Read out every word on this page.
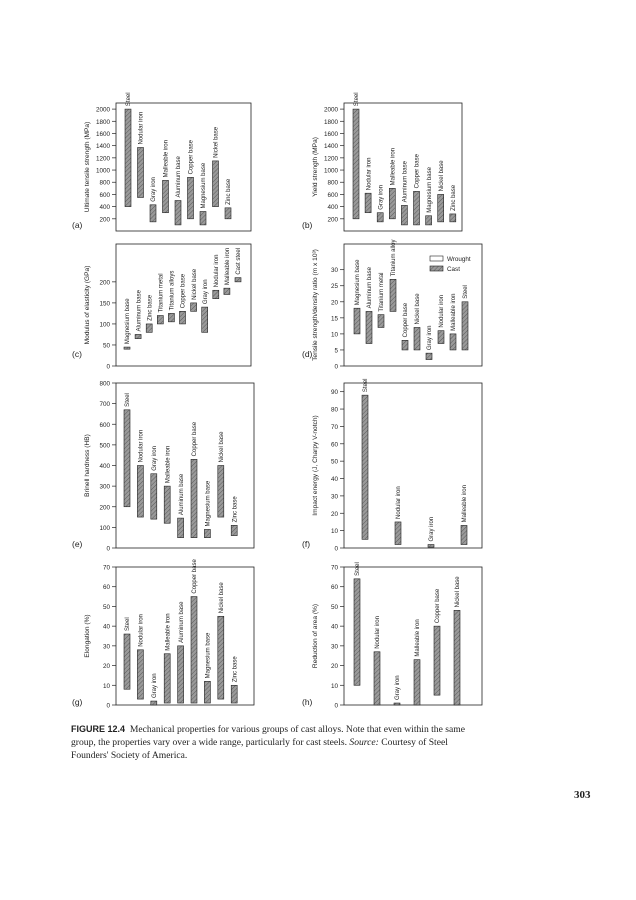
200
400
600
800
1000
1200
1400
1600
1800
2000
Ultimate tensile strength (MPa)
(a)
Steel
Nodular iron
Gray iron
Malleable iron Aluminum base Copper base
Magnesium base
Nickel base
Zinc base
200
400
600
800
1000
1200
1400
1600
1800
2000
Yield strength (MPa)
(b)
Steel
Nodular iron
Gray iron
Malleable iron Aluminum base Copper base Magnesium base Nickel base
Zinc base
0
50
100
150
200
Modulus of elasticity (GPa)
(c)
Magnesium base Aluminum base Zinc base Titanium metal Titanium alloys Copper base Nickel base Gray iron
Nodular iron Malleable iron Cast steel
0
5
10
15
20
25
30
Tensile strength/density ratio (m x 10³)
(d)
Magnesium base Aluminum base Titanium metal
Titanium alloy
Copper base Nickel base
Gray iron
Nodular iron Malleable iron
Steel
Wrought
Cast
0
100
200
300
400
500
600
700
800
Brinell hardness (HB)
(e)
Steel
Nodular iron Gray iron Malleable iron
Aluminum base
Copper base
Magnesium base
Nickel base
Zinc base
0
10
20
30
40
50
60
70
80
90
Impact energy (J, Charpy V-notch)
(f)
Steel
Nodular iron
Gray iron
Malleable iron
0
10
20
30
40
50
60
70
Elongation (%)
(g)
Steel Nodular iron
Gray iron
Malleable iron Aluminum base
Copper base
Magnesium base
Nickel base
Zinc base
0
10
20
30
40
50
60
70
Reduction of area (%)
(h)
Steel
Nodular iron
Gray iron
Malleable iron
Copper base Nickel base
FIGURE 12.4 Mechanical properties for various groups of cast alloys. Note that even within the same group, the properties vary over a wide range, particularly for cast steels. Source: Courtesy of Steel Founders' Society of America.
303
